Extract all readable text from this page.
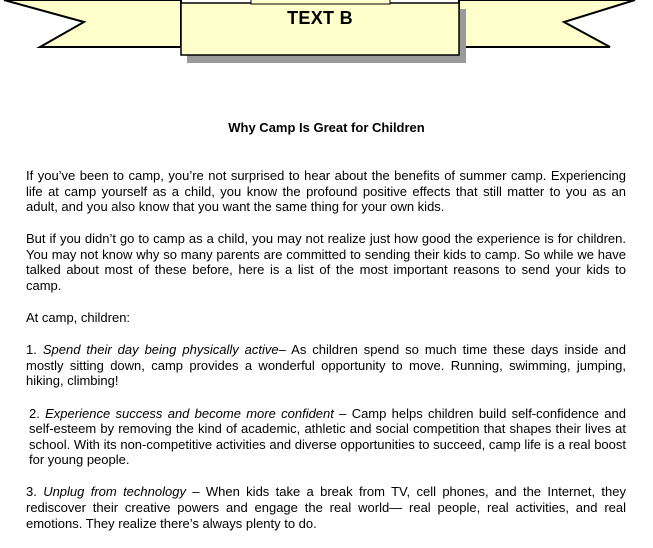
TEXT B
Why Camp Is Great for Children

If you’ve been to camp, you’re not surprised to hear about the benefits of summer camp. Experiencing life at camp yourself as a child, you know the profound positive effects that still matter to you as an adult, and you also know that you want the same thing for your own kids.

But if you didn’t go to camp as a child, you may not realize just how good the experience is for children. You may not know why so many parents are committed to sending their kids to camp. So while we have talked about most of these before, here is a list of the most important reasons to send your kids to camp.

At camp, children:

1. Spend their day being physically active– As children spend so much time these days inside and mostly sitting down, camp provides a wonderful opportunity to move. Running, swimming, jumping, hiking, climbing!

2. Experience success and become more confident – Camp helps children build self-confidence and self-esteem by removing the kind of academic, athletic and social competition that shapes their lives at school. With its non-competitive activities and diverse opportunities to succeed, camp life is a real boost for young people.

3. Unplug from technology – When kids take a break from TV, cell phones, and the Internet, they rediscover their creative powers and engage the real world— real people, real activities, and real emotions. They realize there’s always plenty to do.
